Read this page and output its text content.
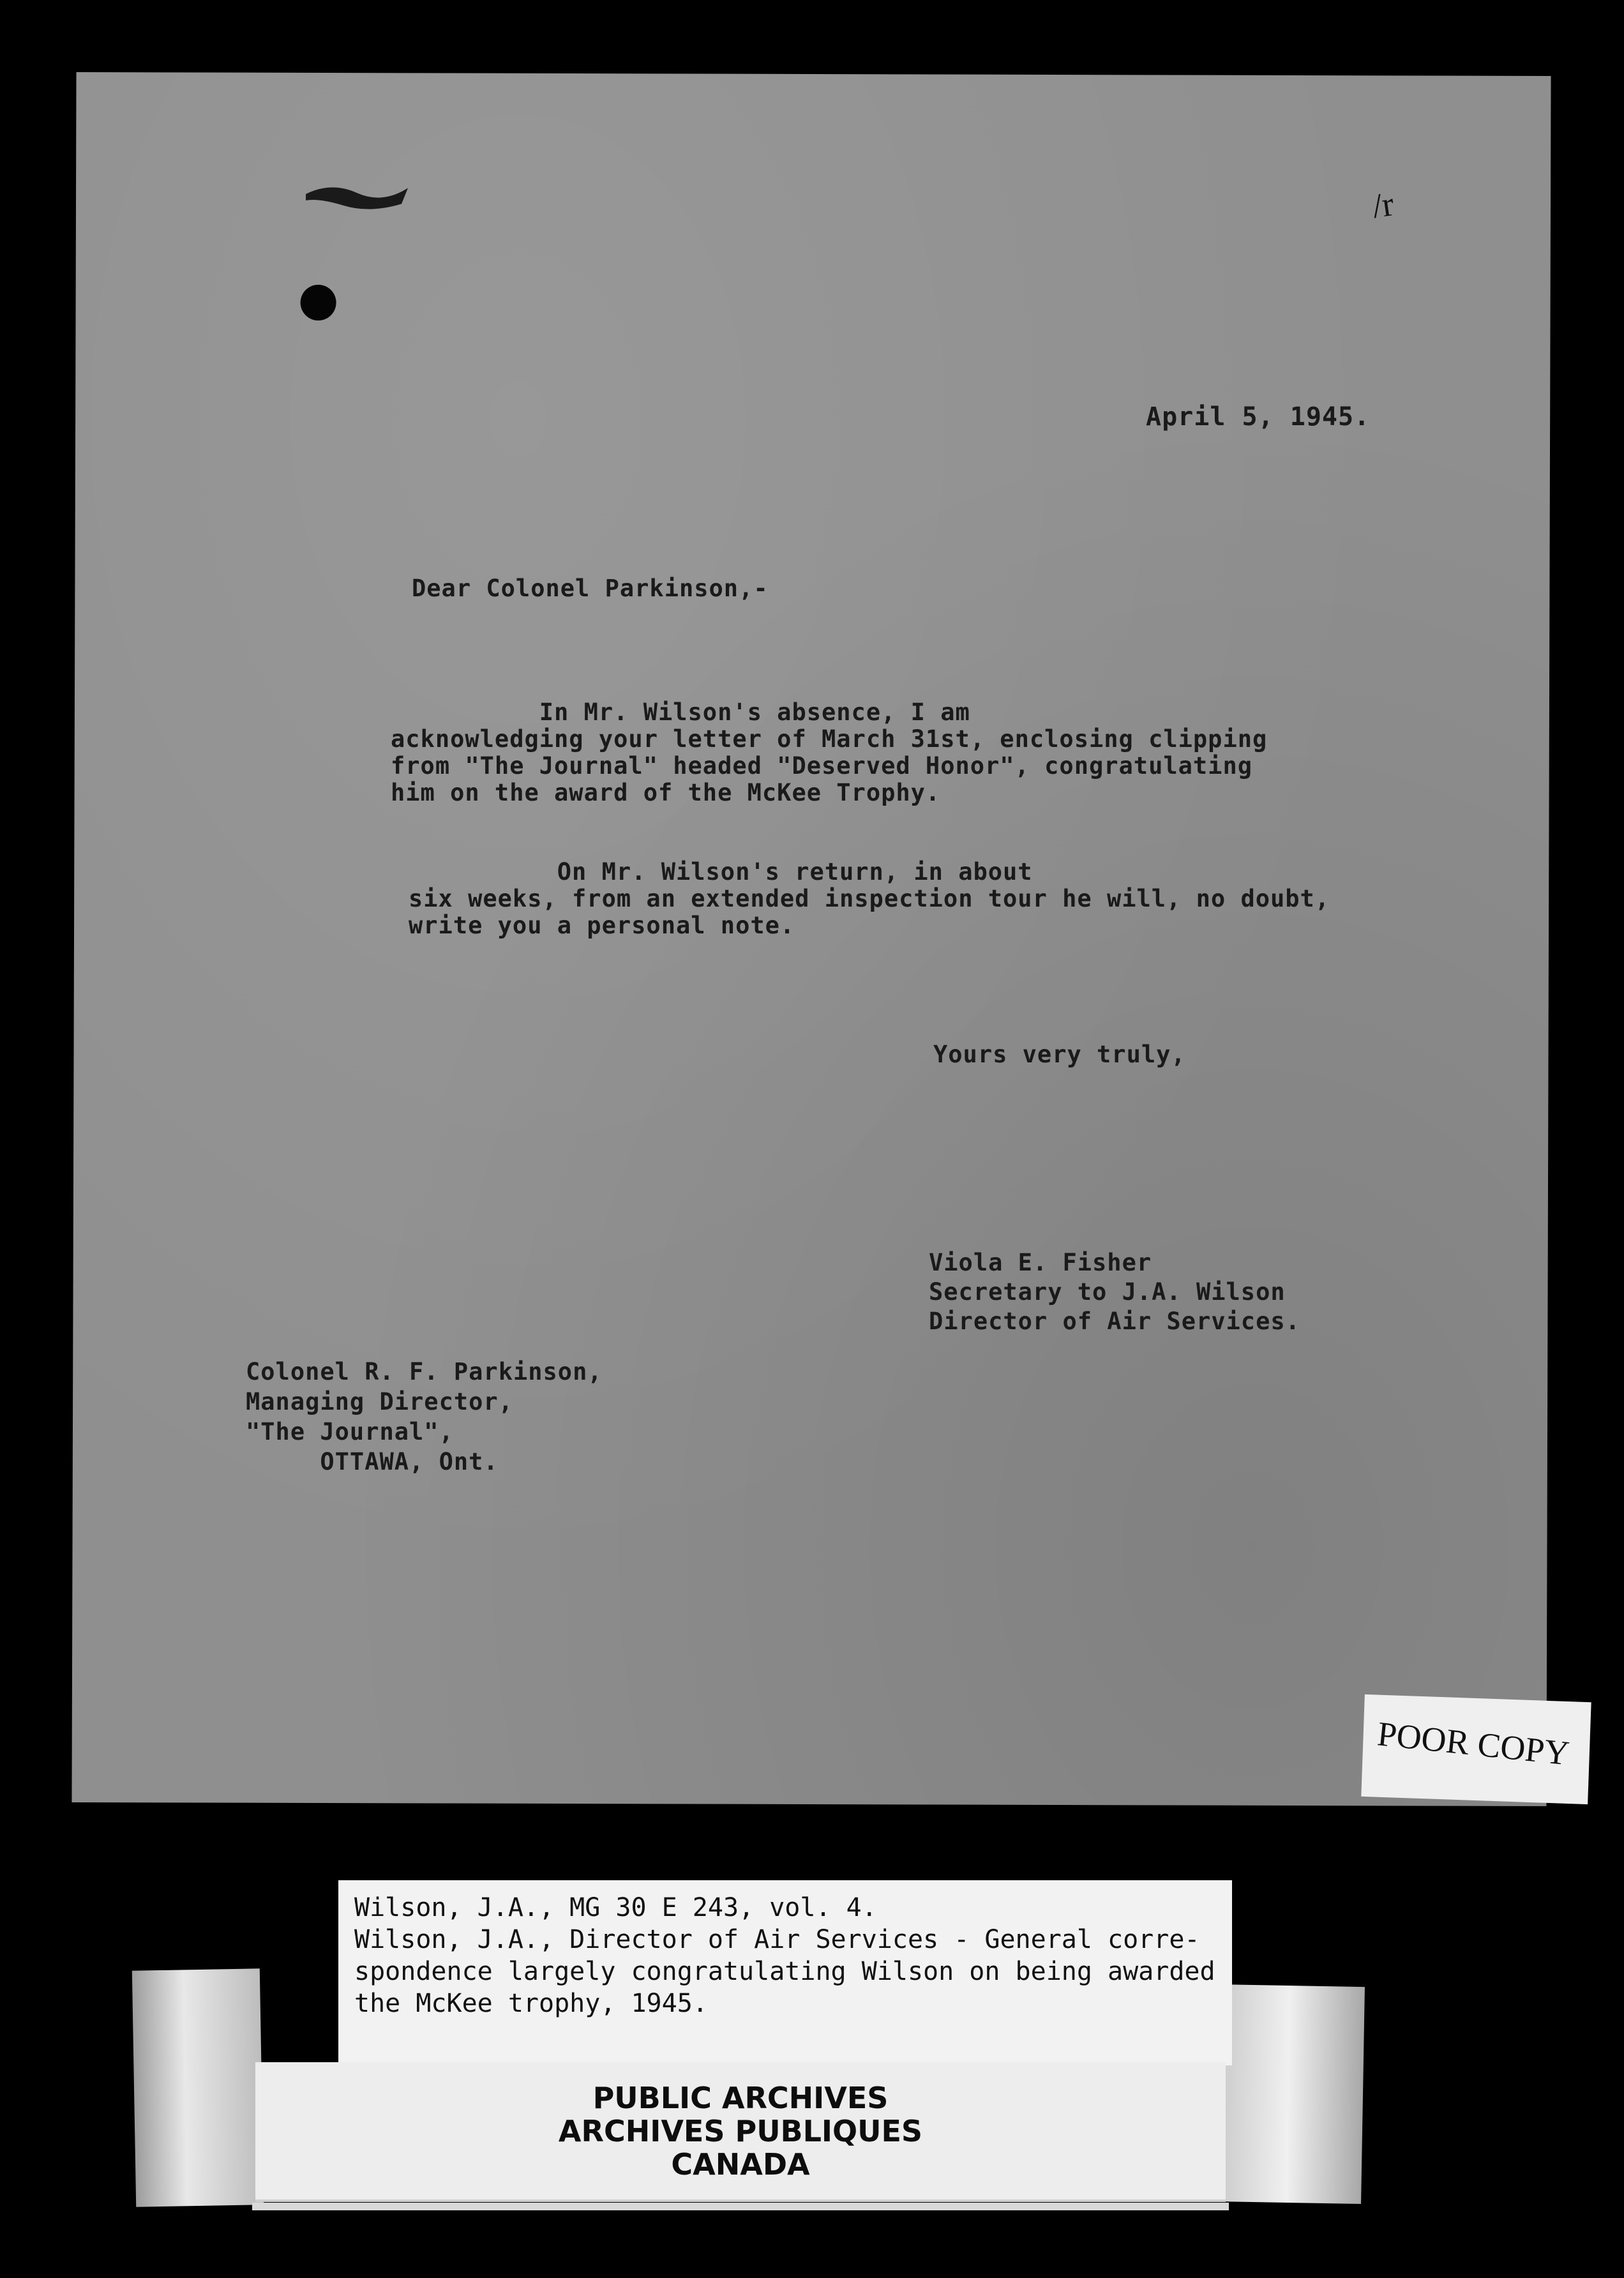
/r
April 5, 1945.
Dear Colonel Parkinson,-
In Mr. Wilson's absence, I am
acknowledging your letter of March 31st, enclosing clipping
from "The Journal" headed "Deserved Honor", congratulating
him on the award of the McKee Trophy.
On Mr. Wilson's return, in about
six weeks, from an extended inspection tour he will, no doubt,
write you a personal note.
Yours very truly,
Viola E. Fisher
Secretary to J.A. Wilson
Director of Air Services.
Colonel R. F. Parkinson,
Managing Director,
"The Journal",
OTTAWA, Ont.
Wilson, J.A., MG 30 E 243, vol. 4.
Wilson, J.A., Director of Air Services - General corre-
spondence largely congratulating Wilson on being awarded
the McKee trophy, 1945.
PUBLIC ARCHIVES
ARCHIVES PUBLIQUES
CANADA
POOR COPY
